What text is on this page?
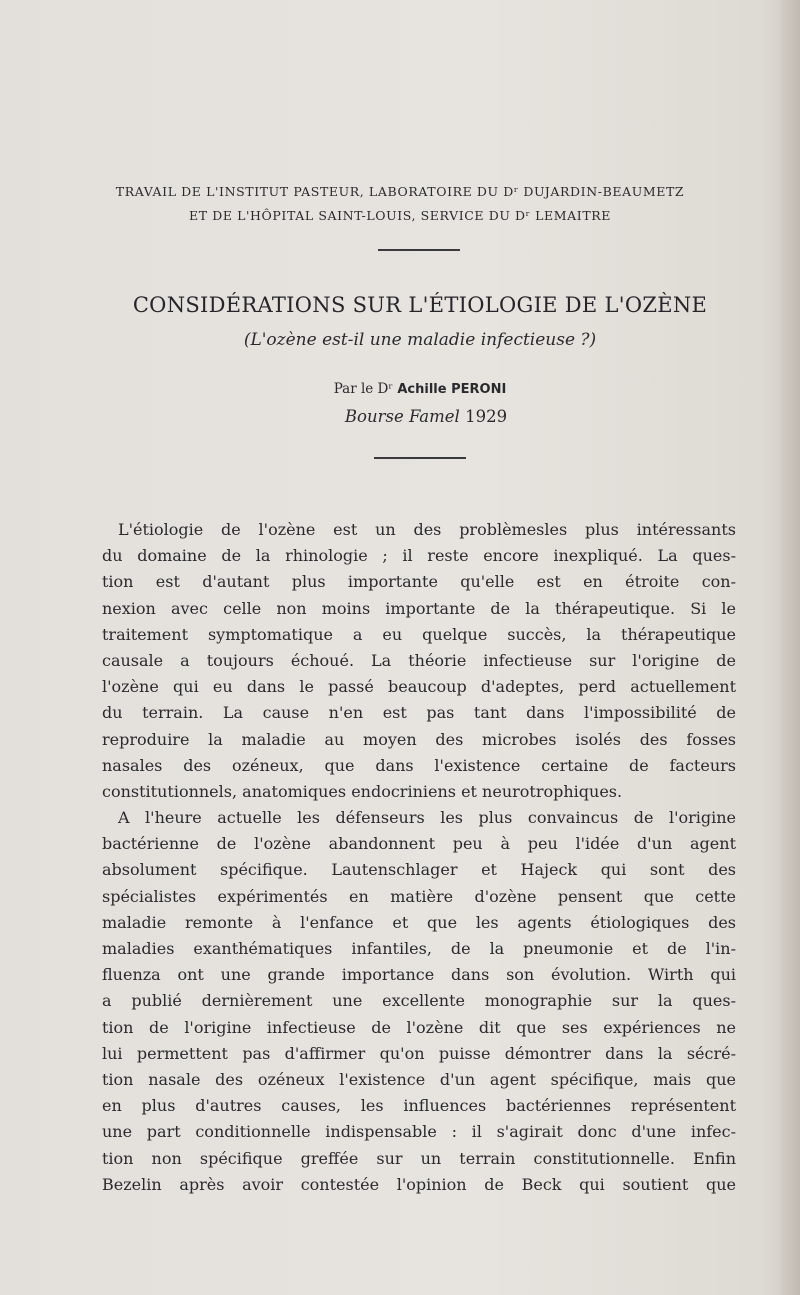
TRAVAIL DE L'INSTITUT PASTEUR, LABORATOIRE DU Dʳ DUJARDIN-BEAUMETZ
ET DE L'HÔPITAL SAINT-LOUIS, SERVICE DU Dʳ LEMAITRE
CONSIDÉRATIONS SUR L'ÉTIOLOGIE DE L'OZÈNE
(L'ozène est-il une maladie infectieuse ?)
Par le Dʳ Achille PERONI
Bourse Famel 1929
L'étiologie de l'ozène est un des problèmesles plus intéressants
du domaine de la rhinologie ; il reste encore inexpliqué. La ques-
tion est d'autant plus importante qu'elle est en étroite con-
nexion avec celle non moins importante de la thérapeutique. Si le
traitement symptomatique a eu quelque succès, la thérapeutique
causale a toujours échoué. La théorie infectieuse sur l'origine de
l'ozène qui eu dans le passé beaucoup d'adeptes, perd actuellement
du terrain. La cause n'en est pas tant dans l'impossibilité de
reproduire la maladie au moyen des microbes isolés des fosses
nasales des ozéneux, que dans l'existence certaine de facteurs
constitutionnels, anatomiques endocriniens et neurotrophiques.
A l'heure actuelle les défenseurs les plus convaincus de l'origine
bactérienne de l'ozène abandonnent peu à peu l'idée d'un agent
absolument spécifique. Lautenschlager et Hajeck qui sont des
spécialistes expérimentés en matière d'ozène pensent que cette
maladie remonte à l'enfance et que les agents étiologiques des
maladies exanthématiques infantiles, de la pneumonie et de l'in-
fluenza ont une grande importance dans son évolution. Wirth qui
a publié dernièrement une excellente monographie sur la ques-
tion de l'origine infectieuse de l'ozène dit que ses expériences ne
lui permettent pas d'affirmer qu'on puisse démontrer dans la sécré-
tion nasale des ozéneux l'existence d'un agent spécifique, mais que
en plus d'autres causes, les influences bactériennes représentent
une part conditionnelle indispensable : il s'agirait donc d'une infec-
tion non spécifique greffée sur un terrain constitutionnelle. Enfin
Bezelin après avoir contestée l'opinion de Beck qui soutient que
